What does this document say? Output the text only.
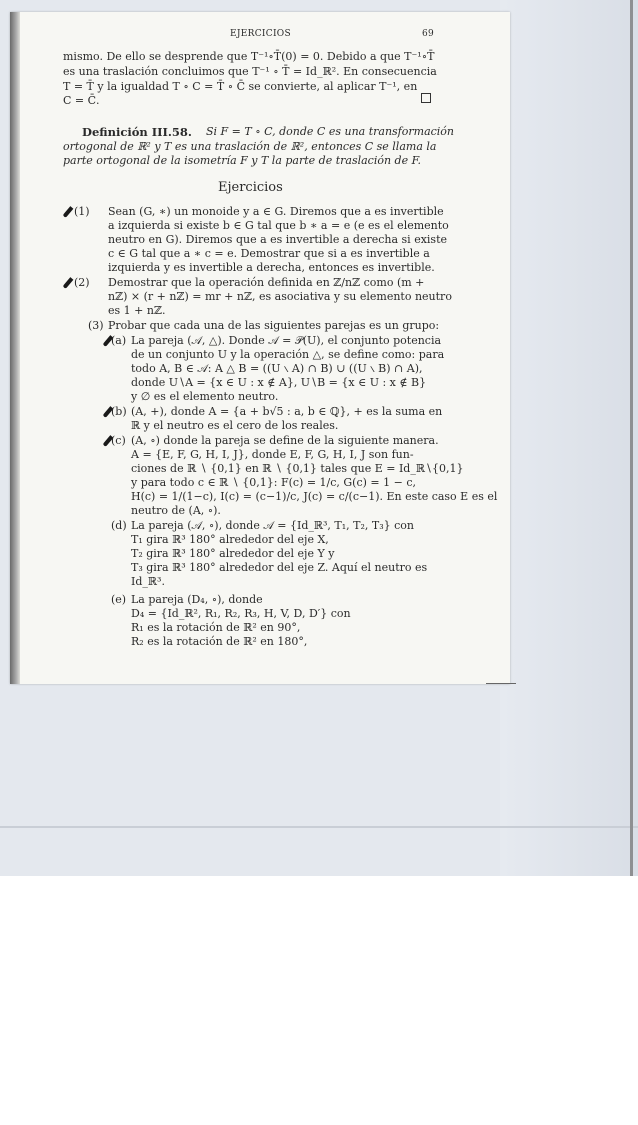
EJERCICIOS	69
mismo. De ello se desprende que T⁻¹∘T̄(0) = 0. Debido a que T⁻¹∘T̄
es una traslación concluimos que T⁻¹ ∘ T̄ = Id_ℝ². En consecuencia
T = T̄ y la igualdad T ∘ C = T̄ ∘ C̄ se convierte, al aplicar T⁻¹, en
C = C̄.
Definición III.58. Si F = T ∘ C, donde C es una transformación
ortogonal de ℝ² y T es una traslación de ℝ², entonces C se llama la
parte ortogonal de la isometría F y T la parte de traslación de F.
Ejercicios
(1) Sean (G, ∗) un monoide y a ∈ G. Diremos que a es invertible
a izquierda si existe b ∈ G tal que b ∗ a = e (e es el elemento
neutro en G). Diremos que a es invertible a derecha si existe
c ∈ G tal que a ∗ c = e. Demostrar que si a es invertible a
izquierda y es invertible a derecha, entonces es invertible.
(2) Demostrar que la operación definida en ℤ/nℤ como (m +
nℤ) × (r + nℤ) = mr + nℤ, es asociativa y su elemento neutro
es 1 + nℤ.
(3) Probar que cada una de las siguientes parejas es un grupo:
(a) La pareja (𝒜, △). Donde 𝒜 = 𝒫(U), el conjunto potencia
de un conjunto U y la operación △, se define como: para
todo A, B ∈ 𝒜: A △ B = ((U ∖ A) ∩ B) ∪ ((U ∖ B) ∩ A),
donde U∖A = {x ∈ U : x ∉ A}, U∖B = {x ∈ U : x ∉ B}
y ∅ es el elemento neutro.
(b) (A, +), donde A = {a + b√5 : a, b ∈ ℚ}, + es la suma en
ℝ y el neutro es el cero de los reales.
(c) (A, ∘) donde la pareja se define de la siguiente manera.
A = {E, F, G, H, I, J}, donde E, F, G, H, I, J son fun-
ciones de ℝ ∖ {0,1} en ℝ ∖ {0,1} tales que E = Id_ℝ∖{0,1}
y para todo c ∈ ℝ ∖ {0,1}: F(c) = 1/c, G(c) = 1 − c,
H(c) = 1/(1−c), I(c) = (c−1)/c, J(c) = c/(c−1). En este caso E es el
neutro de (A, ∘).
(d) La pareja (𝒜, ∘), donde 𝒜 = {Id_ℝ³, T₁, T₂, T₃} con
T₁ gira ℝ³ 180° alrededor del eje X,
T₂ gira ℝ³ 180° alrededor del eje Y y
T₃ gira ℝ³ 180° alrededor del eje Z. Aquí el neutro es
Id_ℝ³.
(e) La pareja (D₄, ∘), donde
D₄ = {Id_ℝ², R₁, R₂, R₃, H, V, D, D′} con
R₁ es la rotación de ℝ² en 90°,
R₂ es la rotación de ℝ² en 180°,
